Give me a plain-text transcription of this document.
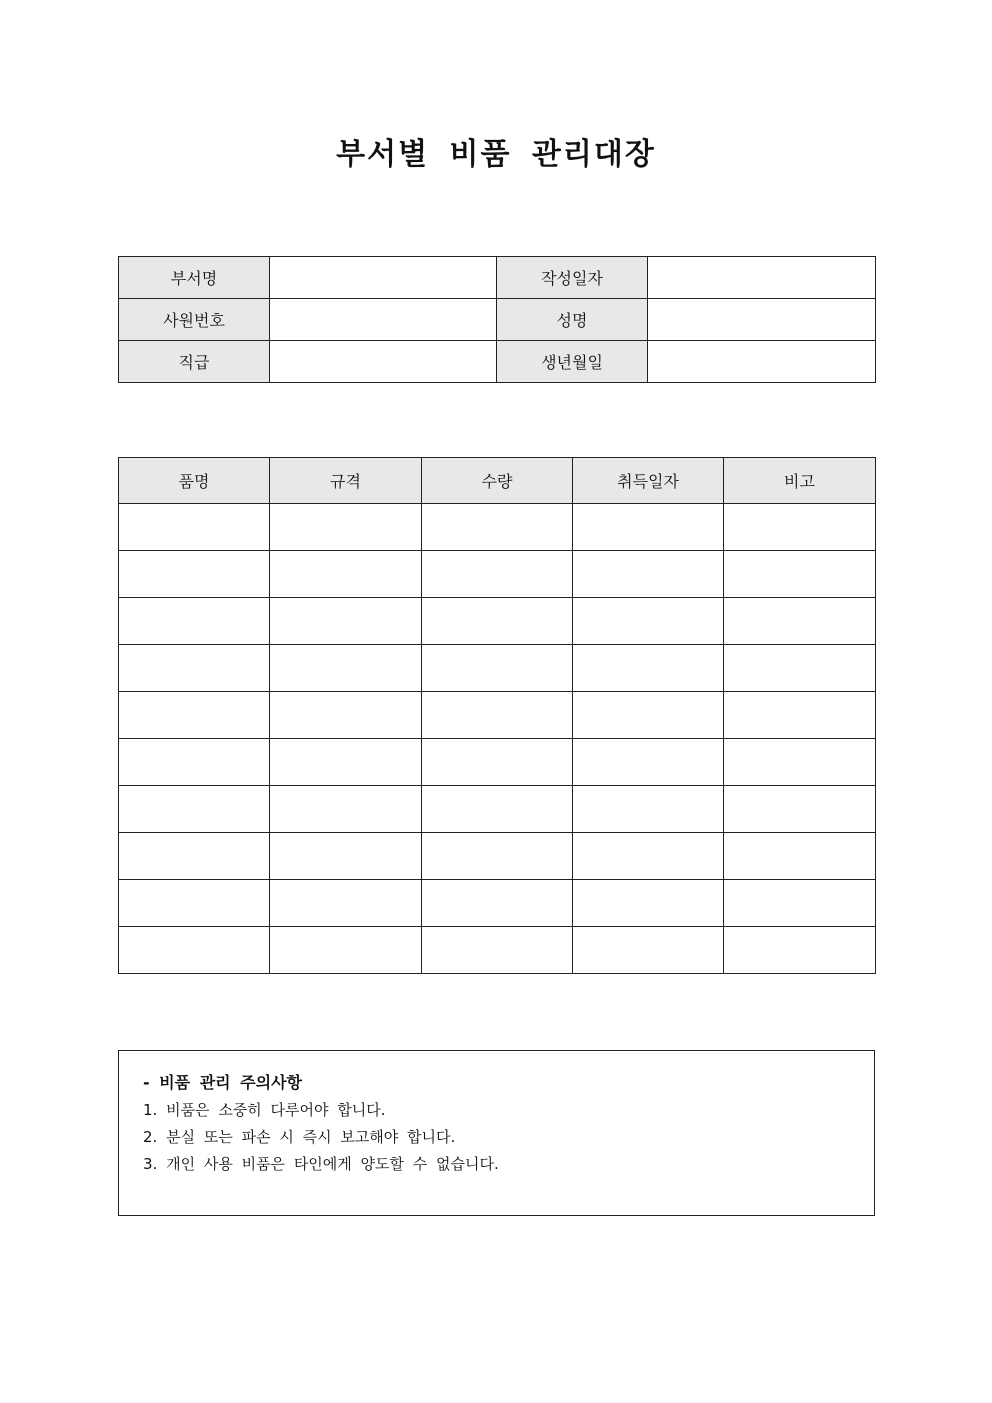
부서별 비품 관리대장
부서명		작성일자	
사원번호		성명	
직급		생년월일	
품명	규격	수량	취득일자	비고

- 비품 관리 주의사항
1. 비품은 소중히 다루어야 합니다.
2. 분실 또는 파손 시 즉시 보고해야 합니다.
3. 개인 사용 비품은 타인에게 양도할 수 없습니다.
